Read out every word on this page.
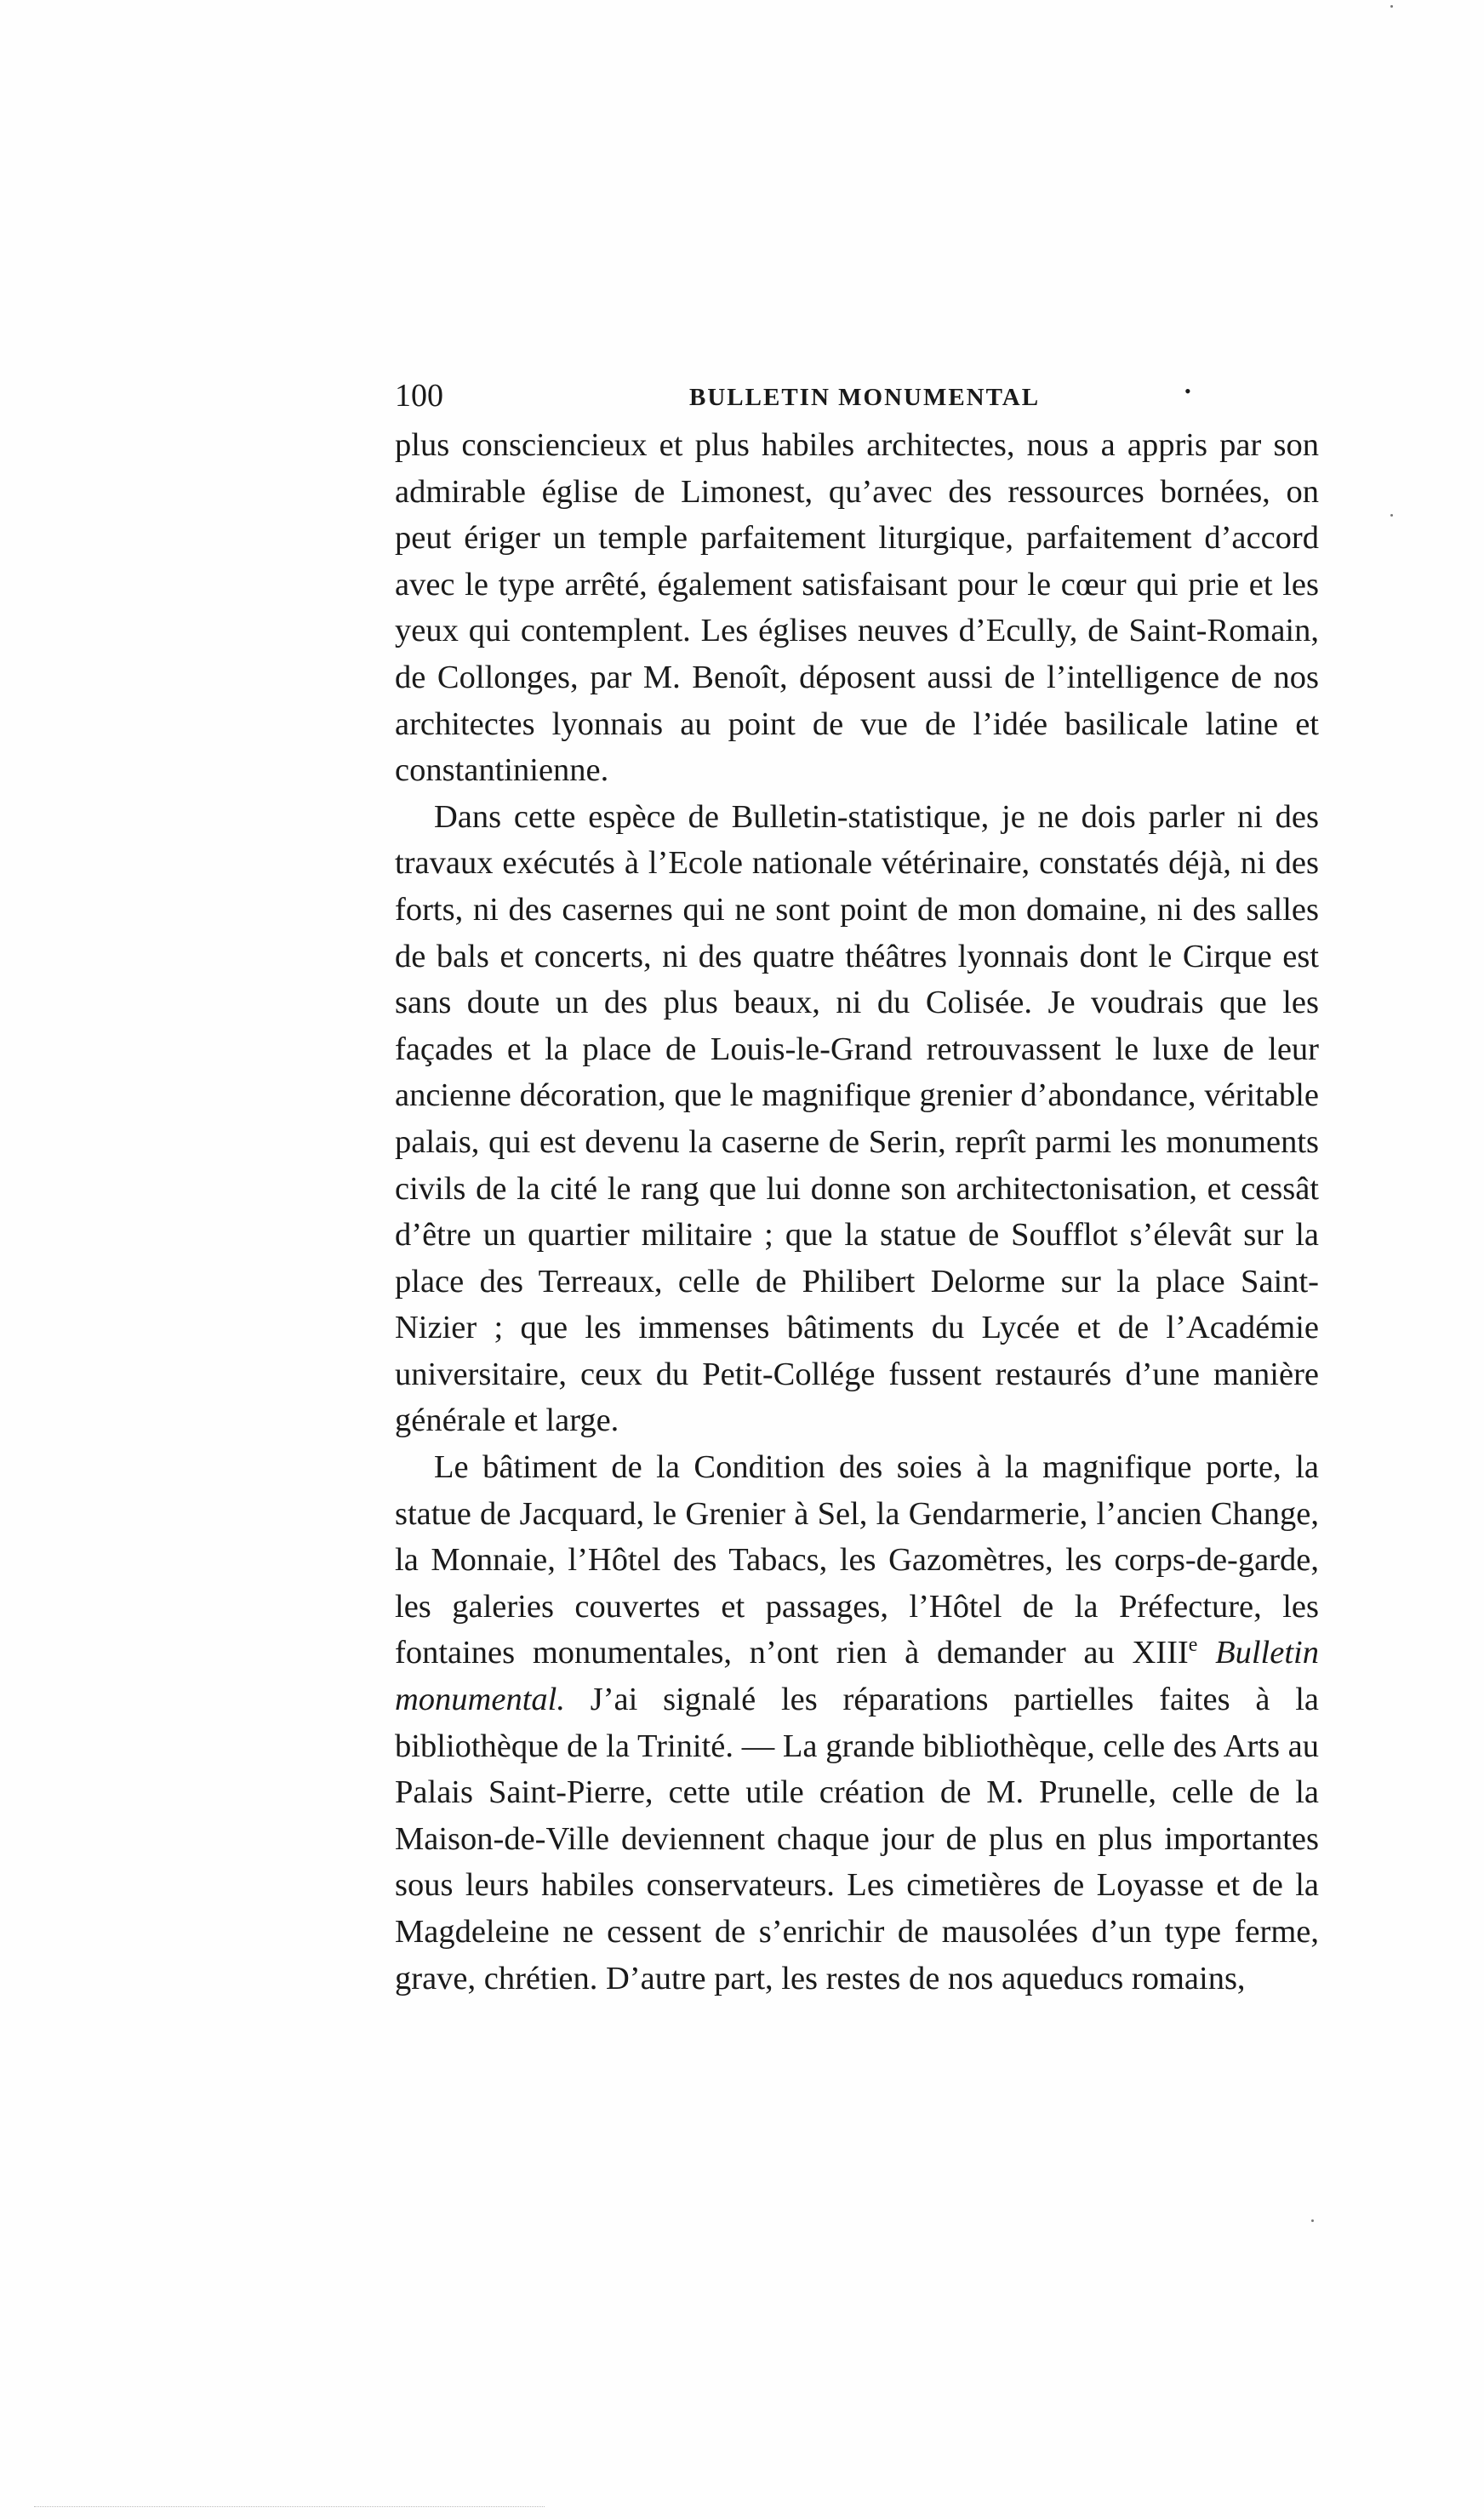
100	BULLETIN MONUMENTAL	•

plus consciencieux et plus habiles architectes, nous a appris par son admirable église de Limonest, qu’avec des ressources bornées, on peut ériger un temple parfaitement liturgique, parfaitement d’accord avec le type arrêté, également satisfaisant pour le cœur qui prie et les yeux qui contemplent. Les églises neuves d’Ecully, de Saint-Romain, de Collonges, par M. Benoît, déposent aussi de l’intelligence de nos architectes lyonnais au point de vue de l’idée basilicale latine et constantinienne.

Dans cette espèce de Bulletin-statistique, je ne dois parler ni des travaux exécutés à l’Ecole nationale vétérinaire, constatés déjà, ni des forts, ni des casernes qui ne sont point de mon domaine, ni des salles de bals et concerts, ni des quatre théâtres lyonnais dont le Cirque est sans doute un des plus beaux, ni du Colisée. Je voudrais que les façades et la place de Louis-le-Grand retrouvassent le luxe de leur ancienne décoration, que le magnifique grenier d’abondance, véritable palais, qui est devenu la caserne de Serin, reprît parmi les monuments civils de la cité le rang que lui donne son architectonisation, et cessât d’être un quartier militaire ; que la statue de Soufflot s’élevât sur la place des Terreaux, celle de Philibert Delorme sur la place Saint-Nizier ; que les immenses bâtiments du Lycée et de l’Académie universitaire, ceux du Petit-Collége fussent restaurés d’une manière générale et large.

Le bâtiment de la Condition des soies à la magnifique porte, la statue de Jacquard, le Grenier à Sel, la Gendarmerie, l’ancien Change, la Monnaie, l’Hôtel des Tabacs, les Gazomètres, les corps-de-garde, les galeries couvertes et passages, l’Hôtel de la Préfecture, les fontaines monumentales, n’ont rien à demander au XIIIe Bulletin monumental. J’ai signalé les réparations partielles faites à la bibliothèque de la Trinité. — La grande bibliothèque, celle des Arts au Palais Saint-Pierre, cette utile création de M. Prunelle, celle de la Maison-de-Ville deviennent chaque jour de plus en plus importantes sous leurs habiles conservateurs. Les cimetières de Loyasse et de la Magdeleine ne cessent de s’enrichir de mausolées d’un type ferme, grave, chrétien. D’autre part, les restes de nos aqueducs romains,
